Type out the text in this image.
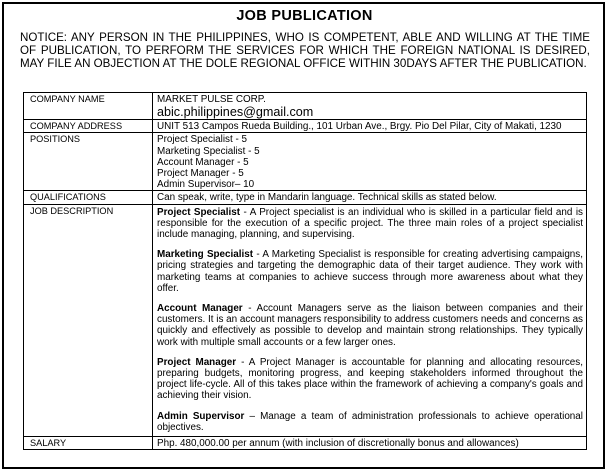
JOB PUBLICATION

NOTICE: ANY PERSON IN THE PHILIPPINES, WHO IS COMPETENT, ABLE AND WILLING AT THE TIME OF PUBLICATION, TO PERFORM THE SERVICES FOR WHICH THE FOREIGN NATIONAL IS DESIRED, MAY FILE AN OBJECTION AT THE DOLE REGIONAL OFFICE WITHIN 30DAYS AFTER THE PUBLICATION.

COMPANY NAME	MARKET PULSE CORP.
abic.philippines@gmail.com

COMPANY ADDRESS	UNIT 513 Campos Rueda Building., 101 Urban Ave., Brgy. Pio Del Pilar, City of Makati, 1230
POSITIONS	Project Specialist - 5
Marketing Specialist - 5
Account Manager - 5
Project Manager - 5
Admin Supervisor– 10

QUALIFICATIONS	Can speak, write, type in Mandarin language. Technical skills as stated below.
JOB DESCRIPTION	Project Specialist - A Project specialist is an individual who is skilled in a particular field and is responsible for the execution of a specific project. The three main roles of a project specialist include managing, planning, and supervising.

Marketing Specialist - A Marketing Specialist is responsible for creating advertising campaigns, pricing strategies and targeting the demographic data of their target audience. They work with marketing teams at companies to achieve success through more awareness about what they offer.

Account Manager - Account Managers serve as the liaison between companies and their customers. It is an account managers responsibility to address customers needs and concerns as quickly and effectively as possible to develop and maintain strong relationships. They typically work with multiple small accounts or a few larger ones.

Project Manager - A Project Manager is accountable for planning and allocating resources, preparing budgets, monitoring progress, and keeping stakeholders informed throughout the project life-cycle. All of this takes place within the framework of achieving a company's goals and achieving their vision.

Admin Supervisor – Manage a team of administration professionals to achieve operational objectives.

SALARY	Php. 480,000.00 per annum (with inclusion of discretionally bonus and allowances)
